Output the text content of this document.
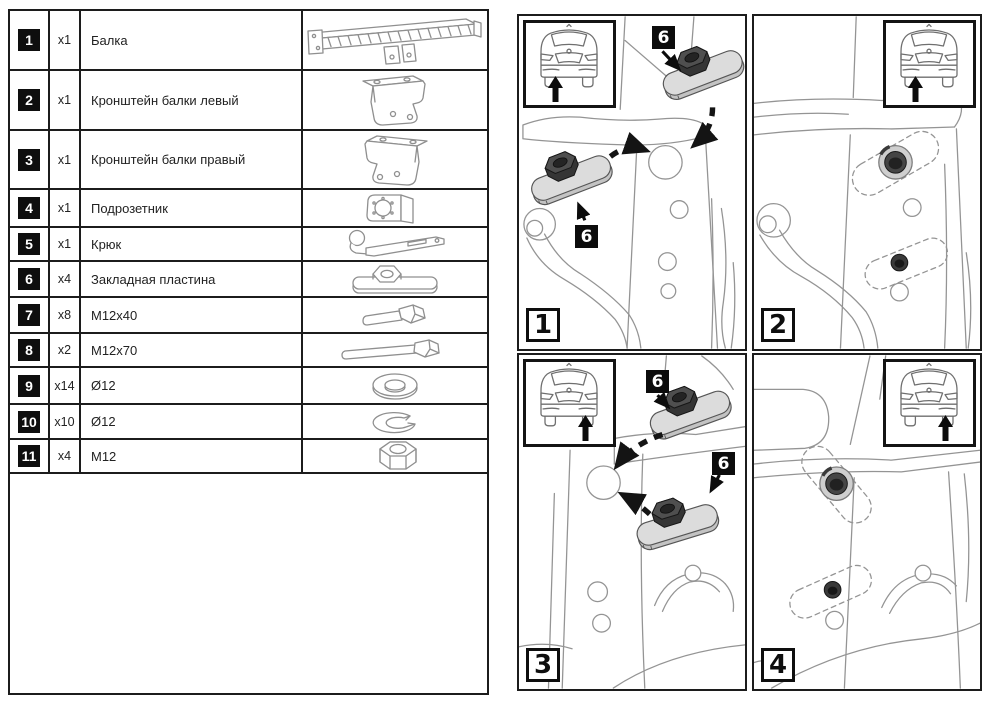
1	x1	Балка
2	x1	Кронштейн балки левый
3	x1	Кронштейн балки правый
4	x1	Подрозетник
5	x1	Крюк
6	x4	Закладная пластина
7	x8	М12х40
8	x2	М12х70
9	x14	Ø12
10	x10	Ø12
11	x4	М12
6
6
1	2
6
6
3	4
